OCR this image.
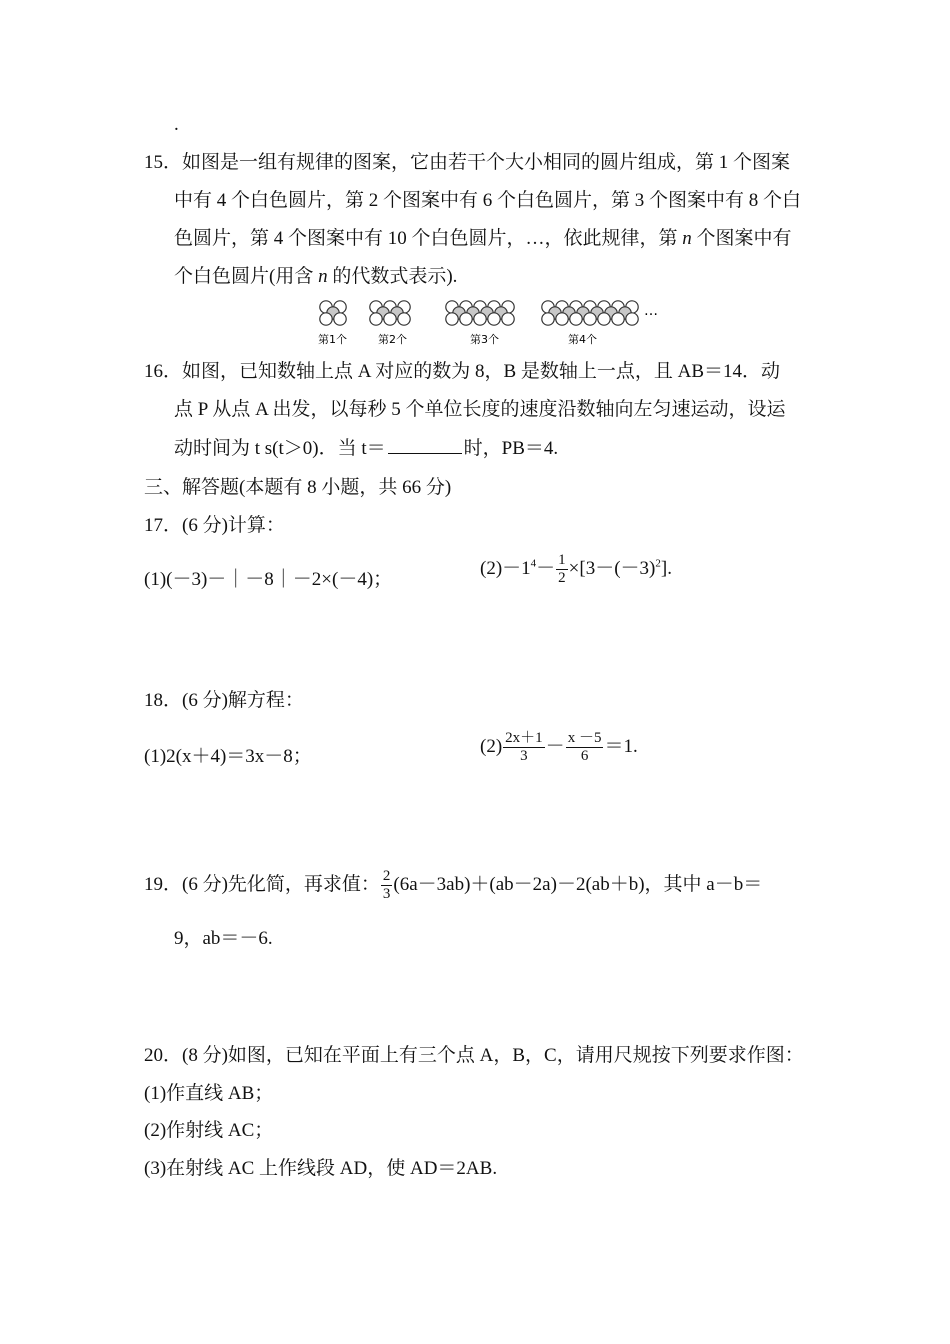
.
15．如图是一组有规律的图案，它由若干个大小相同的圆片组成，第 1 个图案
中有 4 个白色圆片，第 2 个图案中有 6 个白色圆片，第 3 个图案中有 8 个白
色圆片，第 4 个图案中有 10 个白色圆片，…，依此规律，第 n 个图案中有
个白色圆片(用含 n 的代数式表示).
第1个	第2个	第3个	第4个
…
16．如图，已知数轴上点 A 对应的数为 8，B 是数轴上一点，且 AB＝14．动
点 P 从点 A 出发，以每秒 5 个单位长度的速度沿数轴向左匀速运动，设运
动时间为 t s(t＞0)．当 t＝	时，PB＝4.
三、解答题(本题有 8 小题，共 66 分)
17．(6 分)计算：
(1)(－3)－｜－8｜－2×(－4)；
$(2)-1^4- \frac{1}{2} \times[3-(-3)^2]$.
18．(6 分)解方程：
(1)2(x＋4)＝3x－8；	$(2) \frac{2x+1}{3} - \frac{x -5}{6} =1$.
19．(6 分)先化简，再求值： $\frac{2}{3} (6a-3ab)+(ab-2a)-2(ab+b)$，其中 a－b＝
9，ab＝－6.
20．(8 分)如图，已知在平面上有三个点 A，B，C，请用尺规按下列要求作图：
(1)作直线 AB；
(2)作射线 AC；
(3)在射线 AC 上作线段 AD，使 AD＝2AB.
